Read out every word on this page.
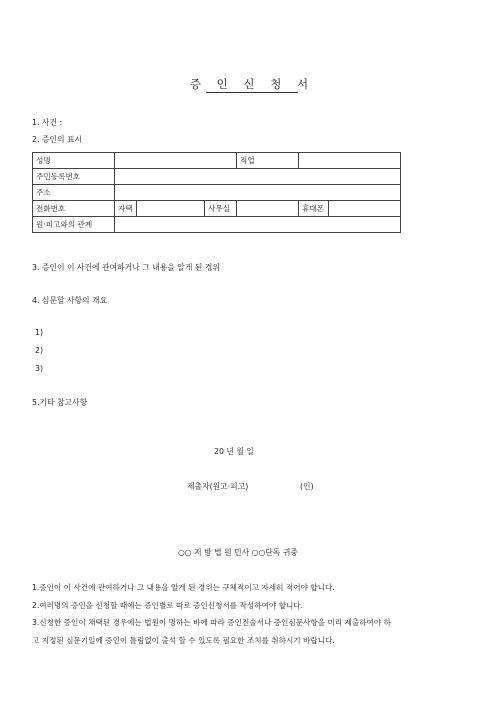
증 인 신 청 서
1. 사건 :
2. 증인의 표시
성명				직업		
주민등록번호						
주소						
전화번호	자택		사무실		휴대폰	
원·피고와의 관계						
3. 증인이 이 사건에 관여하거나 그 내용을 알게 된 경위
4. 심문할 사항의 개요
1)
2)
3)
5.기타 참고사항
20 년 월 일
제출자(원고·피고)	(인)
○○ 지 방 법 원 민사 ○○단독 귀중
1.증인이 이 사건에 관여하거나 그 내용을 알게 된 경위는 구체적이고 자세히 적어야 합니다.
2.여러명의 증인을 신청할 때에는 증인별로 따로 증인신청서를 작성하여야 합니다.
3.신청한 증인이 채택된 경우에는 법원이 명하는 바에 따라 증인진술서나 증인심문사항을 미리 제출하여야 하
고 지정된 심문기일에 증인이 틀림없이 출석 할 수 있도록 필요한 조치를 취하시기 바랍니다.
